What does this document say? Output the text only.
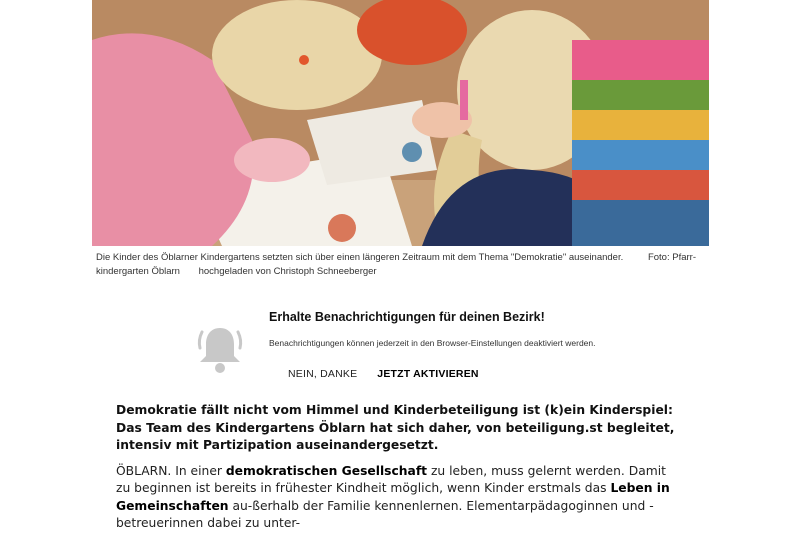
Die Kinder des Öblarner Kindergartens setzten sich über einen längeren Zeitraum mit dem Thema "Demokratie" auseinander.	Foto: Pfarr-
kindergarten Öblarn hochgeladen von Christoph Schneeberger
Erhalte Benachrichtigungen für deinen Bezirk!
Benachrichtigungen können jederzeit in den Browser-Einstellungen deaktiviert werden.
NEIN, DANKE JETZT AKTIVIEREN

Demokratie fällt nicht vom Himmel und Kinderbeteiligung ist (k)ein Kinderspiel: Das Team des Kindergartens Öblarn hat sich daher, von beteiligung.st begleitet, intensiv mit Partizipation auseinandergesetzt.

ÖBLARN. In einer demokratischen Gesellschaft zu leben, muss gelernt werden. Damit zu beginnen ist bereits in frühester Kindheit möglich, wenn Kinder erstmals das Leben in Gemeinschaften au-ßerhalb der Familie kennenlernen. Elementarpädagoginnen und -betreuerinnen dabei zu unter-
